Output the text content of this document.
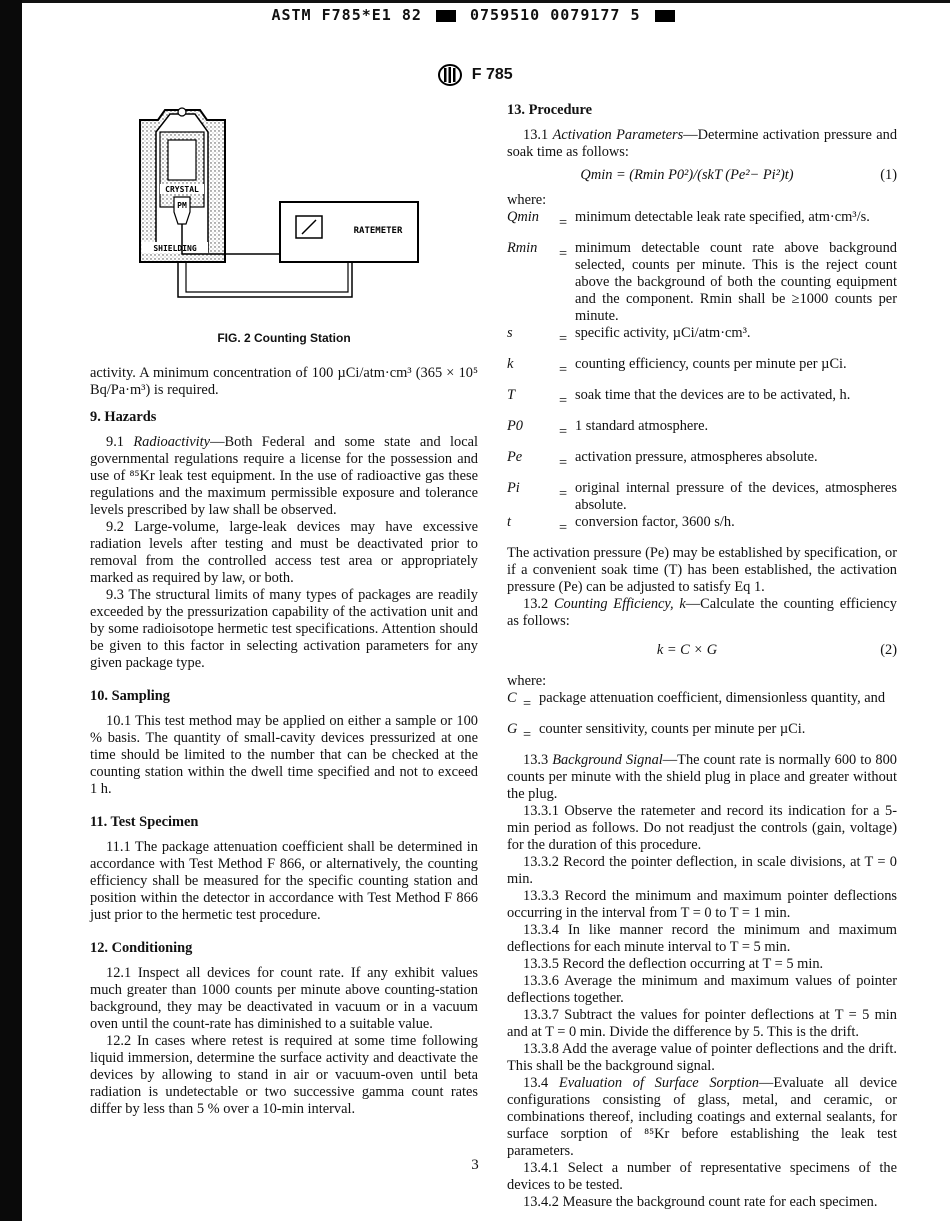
ASTM F785*E1 82	0759510 0079177 5
F 785
CRYSTAL
PM
SHIELDING
RATEMETER
FIG. 2 Counting Station

activity. A minimum concentration of 100 µCi/atm·cm³ (365 × 10⁵ Bq/Pa·m³) is required.

9. Hazards

9.1 Radioactivity—Both Federal and some state and local governmental regulations require a license for the possession and use of ⁸⁵Kr leak test equipment. In the use of radioactive gas these regulations and the maximum permissible exposure and tolerance levels prescribed by law shall be observed.

9.2 Large-volume, large-leak devices may have excessive radiation levels after testing and must be deactivated prior to removal from the controlled access test area or appropriately marked as required by law, or both.

9.3 The structural limits of many types of packages are readily exceeded by the pressurization capability of the activation unit and by some radioisotope hermetic test specifications. Attention should be given to this factor in selecting activation parameters for any given package type.

10. Sampling

10.1 This test method may be applied on either a sample or 100 % basis. The quantity of small-cavity devices pressurized at one time should be limited to the number that can be checked at the counting station within the dwell time specified and not to exceed 1 h.

11. Test Specimen

11.1 The package attenuation coefficient shall be determined in accordance with Test Method F 866, or alternatively, the counting efficiency shall be measured for the specific counting station and position within the detector in accordance with Test Method F 866 just prior to the hermetic test procedure.

12. Conditioning

12.1 Inspect all devices for count rate. If any exhibit values much greater than 1000 counts per minute above counting-station background, they may be deactivated in vacuum or in a vacuum oven until the count-rate has diminished to a suitable value.

12.2 In cases where retest is required at some time following liquid immersion, determine the surface activity and deactivate the devices by allowing to stand in air or vacuum-oven until beta radiation is undetectable or two successive gamma count rates differ by less than 5 % over a 10-min interval.

13. Procedure

13.1 Activation Parameters—Determine activation pressure and soak time as follows:

Qmin = (Rmin P0²)/(skT (Pe²− Pi²)t)	(1)

where:

Qmin	= minimum detectable leak rate specified, atm·cm³/s.
Rmin	= minimum detectable count rate above background selected, counts per minute. This is the reject count above the background of both the counting equipment and the component. Rmin shall be ≥1000 counts per minute.
s	= specific activity, µCi/atm·cm³.
k	= counting efficiency, counts per minute per µCi.
T	= soak time that the devices are to be activated, h.
P0	= 1 standard atmosphere.
Pe	= activation pressure, atmospheres absolute.
Pi	= original internal pressure of the devices, atmospheres absolute.
t	= conversion factor, 3600 s/h.

The activation pressure (Pe) may be established by specification, or if a convenient soak time (T) has been established, the activation pressure (Pe) can be adjusted to satisfy Eq 1.

13.2 Counting Efficiency, k—Calculate the counting efficiency as follows:

k = C × G	(2)

where:

C = package attenuation coefficient, dimensionless quantity, and
G = counter sensitivity, counts per minute per µCi.

13.3 Background Signal—The count rate is normally 600 to 800 counts per minute with the shield plug in place and greater without the plug.

13.3.1 Observe the ratemeter and record its indication for a 5-min period as follows. Do not readjust the controls (gain, voltage) for the duration of this procedure.

13.3.2 Record the pointer deflection, in scale divisions, at T = 0 min.

13.3.3 Record the minimum and maximum pointer deflections occurring in the interval from T = 0 to T = 1 min.

13.3.4 In like manner record the minimum and maximum deflections for each minute interval to T = 5 min.

13.3.5 Record the deflection occurring at T = 5 min.

13.3.6 Average the minimum and maximum values of pointer deflections together.

13.3.7 Subtract the values for pointer deflections at T = 5 min and at T = 0 min. Divide the difference by 5. This is the drift.

13.3.8 Add the average value of pointer deflections and the drift. This shall be the background signal.

13.4 Evaluation of Surface Sorption—Evaluate all device configurations consisting of glass, metal, and ceramic, or combinations thereof, including coatings and external sealants, for surface sorption of ⁸⁵Kr before establishing the leak test parameters.

13.4.1 Select a number of representative specimens of the devices to be tested.

13.4.2 Measure the background count rate for each specimen.

3
